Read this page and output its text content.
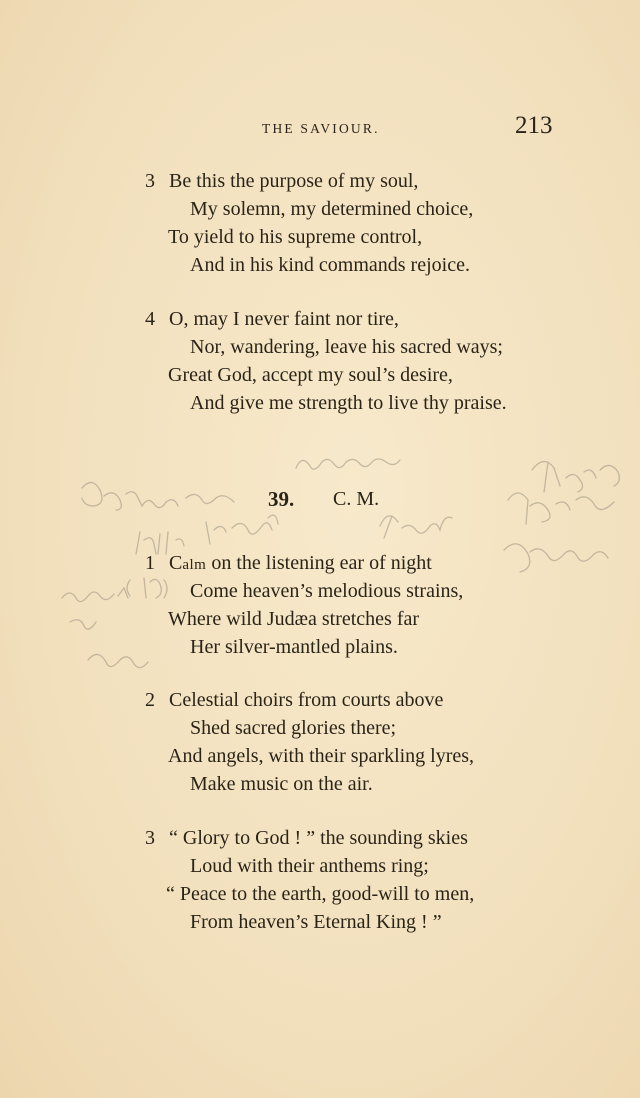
THE SAVIOUR.	213
3 Be this the purpose of my soul,
My solemn, my determined choice,
To yield to his supreme control,
And in his kind commands rejoice.
4 O, may I never faint nor tire,
Nor, wandering, leave his sacred ways;
Great God, accept my soul’s desire,
And give me strength to live thy praise.
39. C. M.
1 Calm on the listening ear of night
Come heaven’s melodious strains,
Where wild Judæa stretches far
Her silver-mantled plains.
2 Celestial choirs from courts above
Shed sacred glories there;
And angels, with their sparkling lyres,
Make music on the air.
3 “ Glory to God ! ” the sounding skies
Loud with their anthems ring;
“ Peace to the earth, good-will to men,
From heaven’s Eternal King ! ”
